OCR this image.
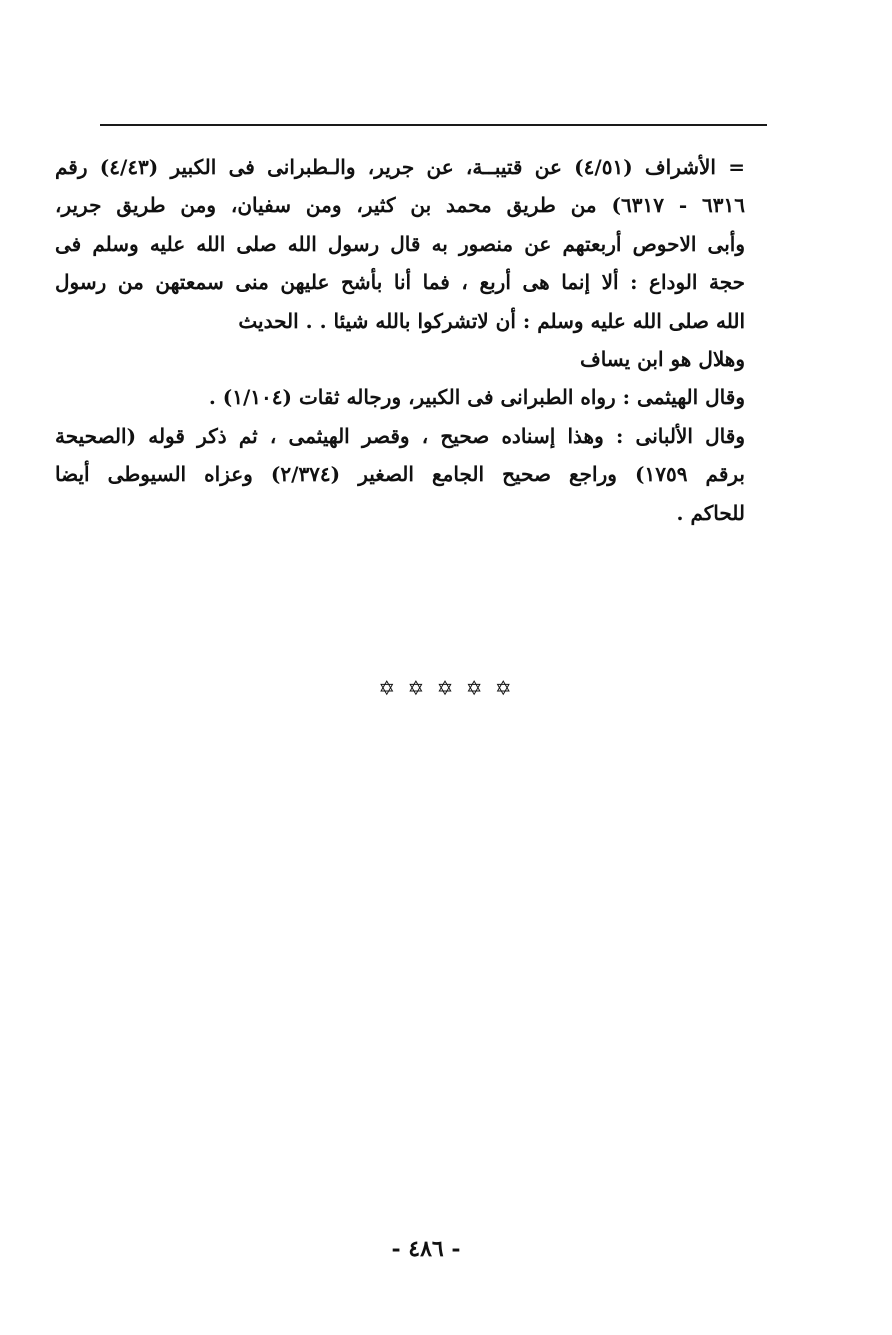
= الأشراف (٤/٥١) عن قتيبــة، عن جرير، والـطبرانى فى الكبير (٤/٤٣) رقم
٦٣١٦ - ٦٣١٧) من طريق محمد بن كثير، ومن سفيان، ومن طريق جرير،
وأبى الاحوص أربعتهم عن منصور به قال رسول الله صلى الله عليه وسلم فى
حجة الوداع : ألا إنما هى أربع ، فما أنا بأشح عليهن منى سمعتهن من رسول
الله صلى الله عليه وسلم : أن لاتشركوا بالله شيئا . . الحديث
وهلال هو ابن يساف
وقال الهيثمى : رواه الطبرانى فى الكبير، ورجاله ثقات (١/١٠٤) .
وقال الألبانى : وهذا إسناده صحيح ، وقصر الهيثمى ، ثم ذكر قوله (الصحيحة
برقم ١٧٥٩) وراجع صحيح الجامع الصغير (٢/٣٧٤) وعزاه السيوطى أيضا
للحاكم .
✡ ✡ ✡ ✡ ✡
- ٤٨٦ -
